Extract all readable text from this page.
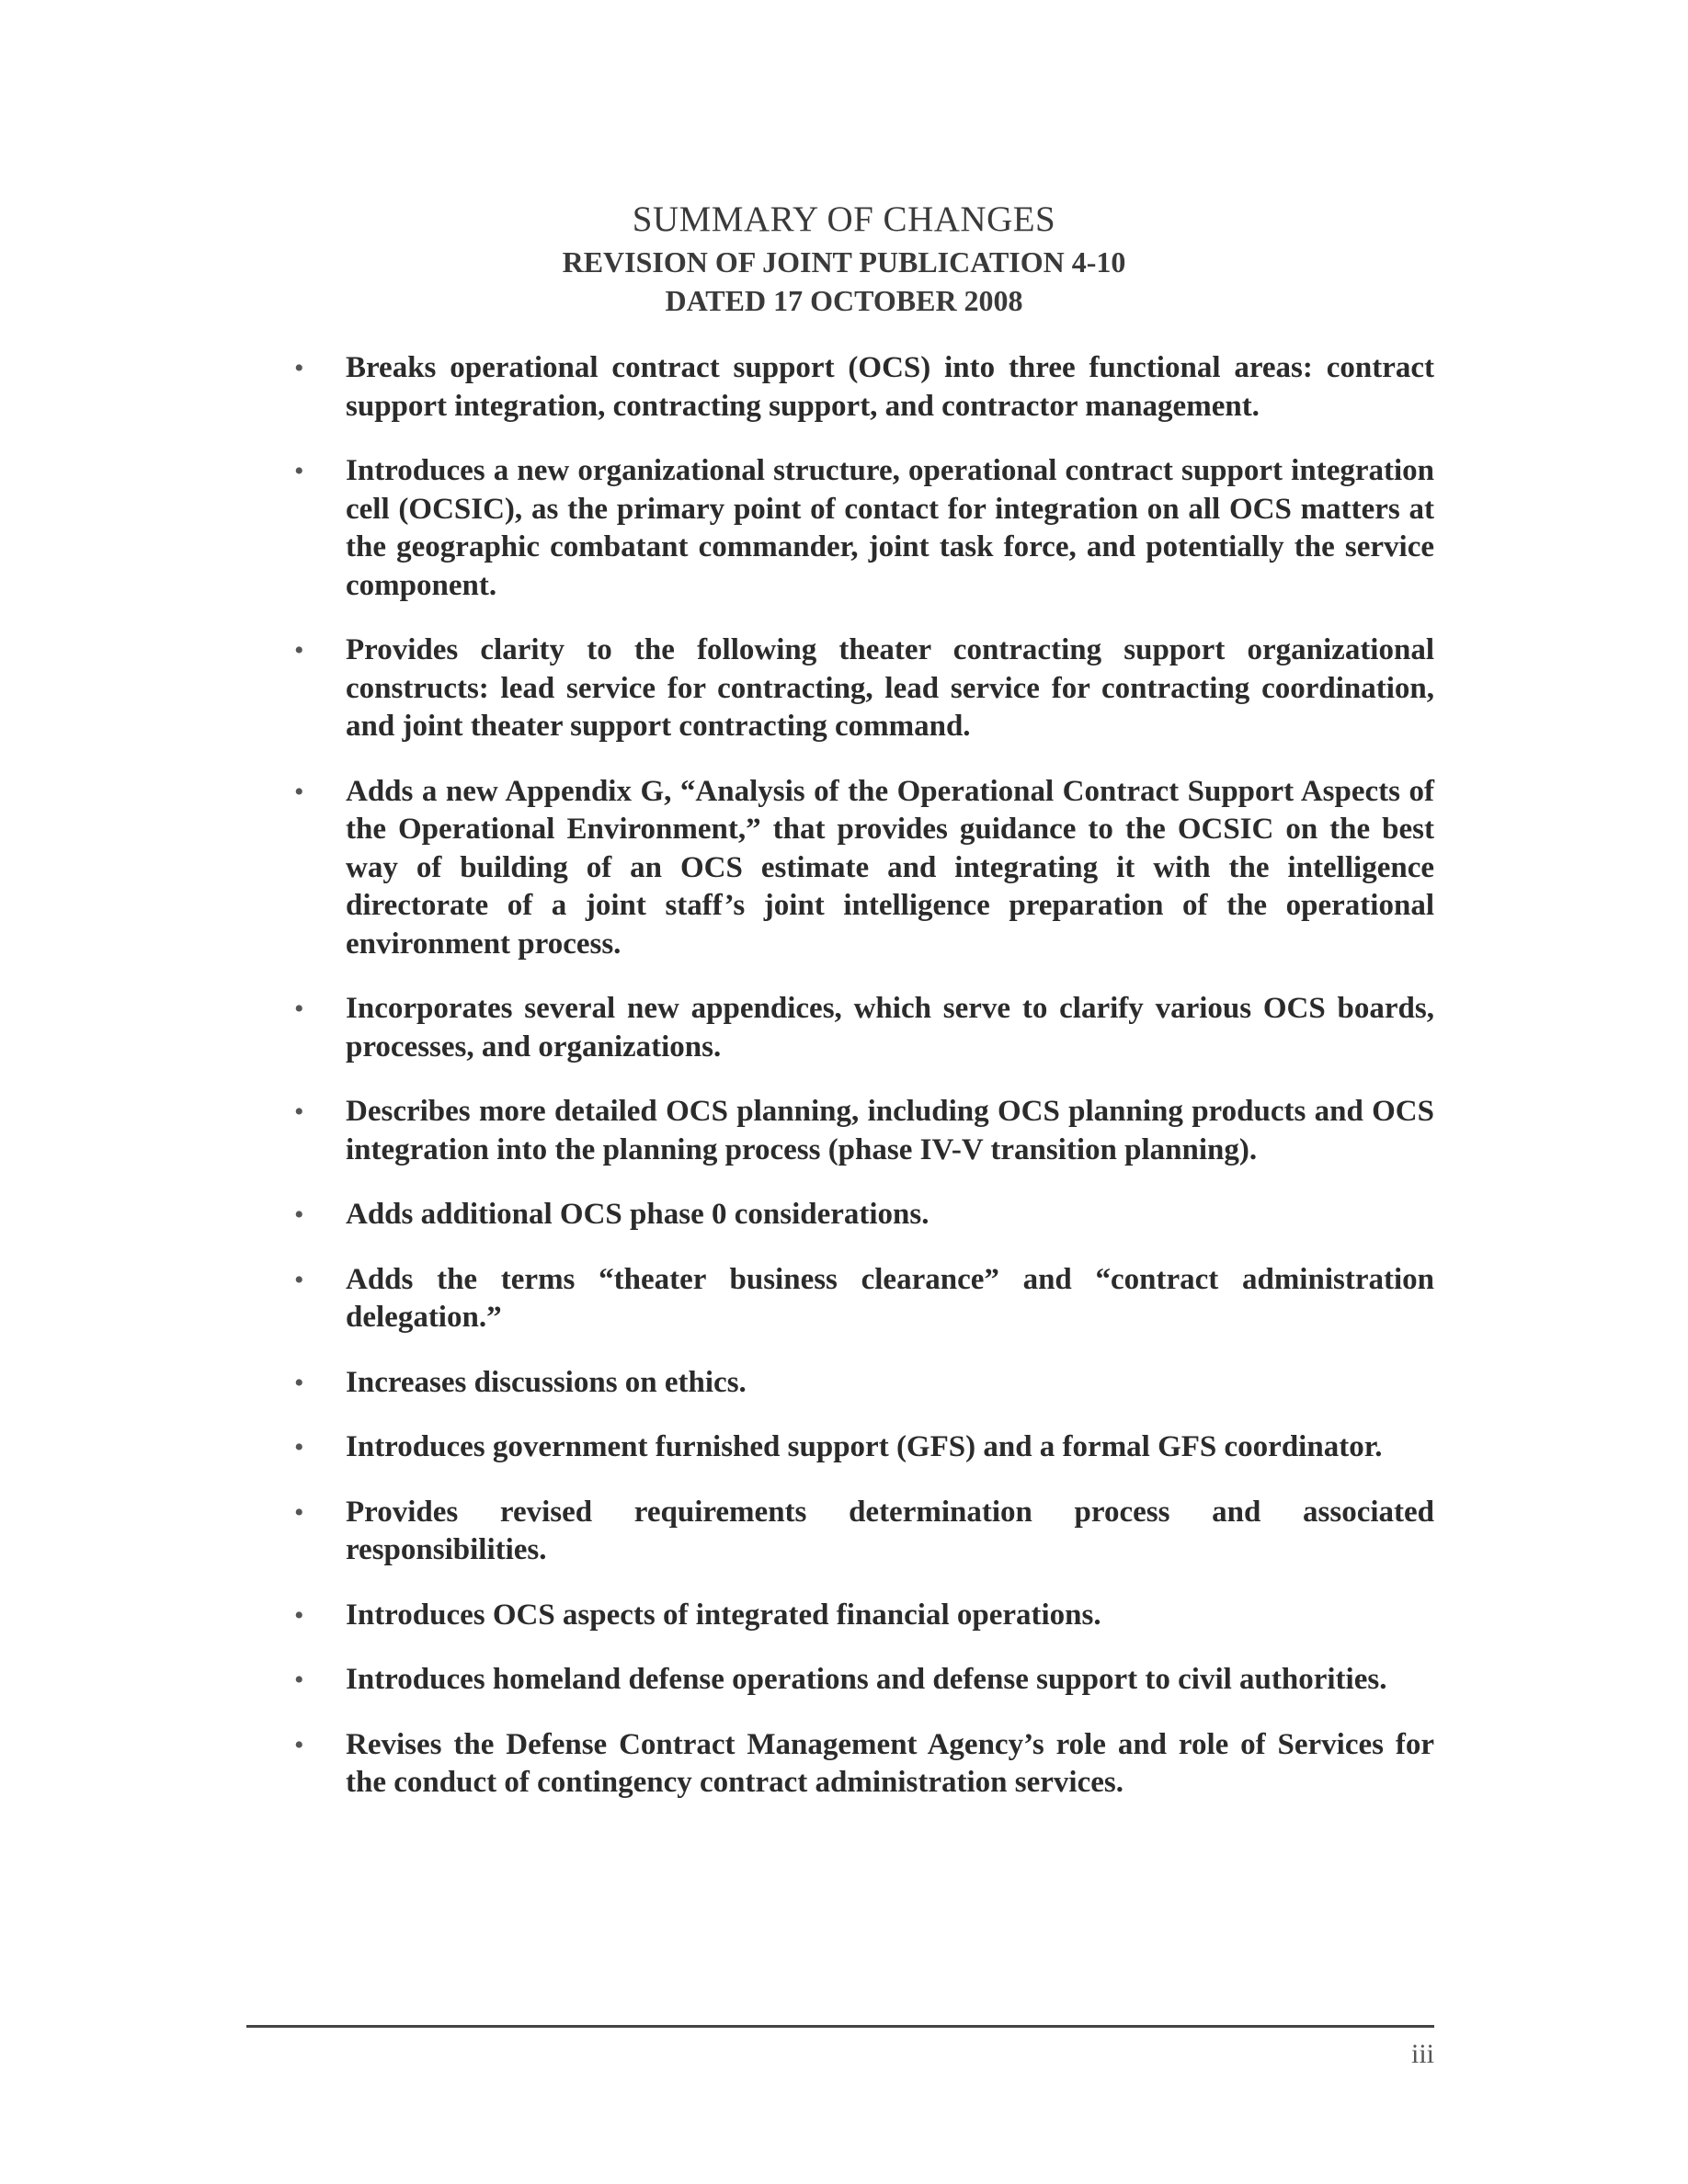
SUMMARY OF CHANGES
REVISION OF JOINT PUBLICATION 4-10
DATED 17 OCTOBER 2008
• Breaks operational contract support (OCS) into three functional areas: contract support integration, contracting support, and contractor management.
• Introduces a new organizational structure, operational contract support integration cell (OCSIC), as the primary point of contact for integration on all OCS matters at the geographic combatant commander, joint task force, and potentially the service component.
• Provides clarity to the following theater contracting support organizational constructs: lead service for contracting, lead service for contracting coordination, and joint theater support contracting command.
• Adds a new Appendix G, “Analysis of the Operational Contract Support Aspects of the Operational Environment,” that provides guidance to the OCSIC on the best way of building of an OCS estimate and integrating it with the intelligence directorate of a joint staff’s joint intelligence preparation of the operational environment process.
• Incorporates several new appendices, which serve to clarify various OCS boards, processes, and organizations.
• Describes more detailed OCS planning, including OCS planning products and OCS integration into the planning process (phase IV-V transition planning).
• Adds additional OCS phase 0 considerations.
• Adds the terms “theater business clearance” and “contract administration delegation.”
• Increases discussions on ethics.
• Introduces government furnished support (GFS) and a formal GFS coordinator.
• Provides revised requirements determination process and associated responsibilities.
• Introduces OCS aspects of integrated financial operations.
• Introduces homeland defense operations and defense support to civil authorities.
• Revises the Defense Contract Management Agency’s role and role of Services for the conduct of contingency contract administration services.
iii
